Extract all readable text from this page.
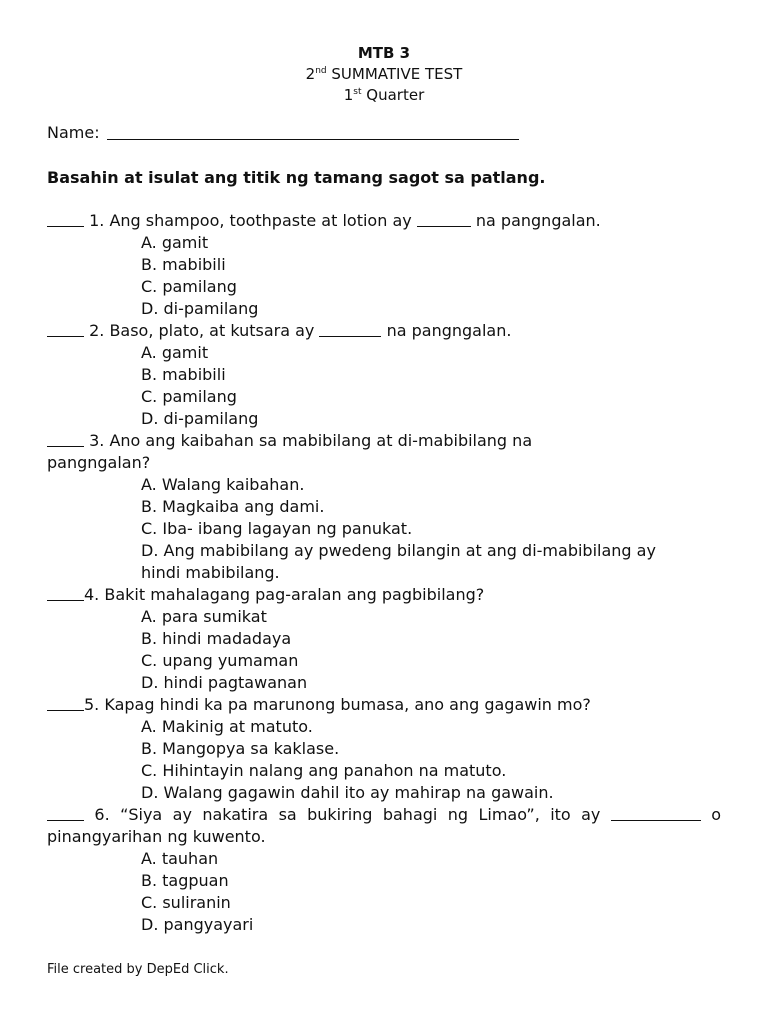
MTB 3
2nd SUMMATIVE TEST
1st Quarter
Name:
Basahin at isulat ang titik ng tamang sagot sa patlang.
1. Ang shampoo, toothpaste at lotion ay	na pangngalan.
A. gamit
B. mabibili
C. pamilang
D. di-pamilang
2. Baso, plato, at kutsara ay	na pangngalan.
A. gamit
B. mabibili
C. pamilang
D. di-pamilang
3. Ano ang kaibahan sa mabibilang at di-mabibilang na
pangngalan?
A. Walang kaibahan.
B. Magkaiba ang dami.
C. Iba- ibang lagayan ng panukat.
D. Ang mabibilang ay pwedeng bilangin at ang di-mabibilang ay
hindi mabibilang.
4. Bakit mahalagang pag-aralan ang pagbibilang?
A. para sumikat
B. hindi madadaya
C. upang yumaman
D. hindi pagtawanan
5. Kapag hindi ka pa marunong bumasa, ano ang gagawin mo?
A. Makinig at matuto.
B. Mangopya sa kaklase.
C. Hihintayin nalang ang panahon na matuto.
D. Walang gagawin dahil ito ay mahirap na gawain.
6. “Siya ay nakatira sa bukiring bahagi ng Limao”, ito ay	o
pinangyarihan ng kuwento.
A. tauhan
B. tagpuan
C. suliranin
D. pangyayari
File created by DepEd Click.
